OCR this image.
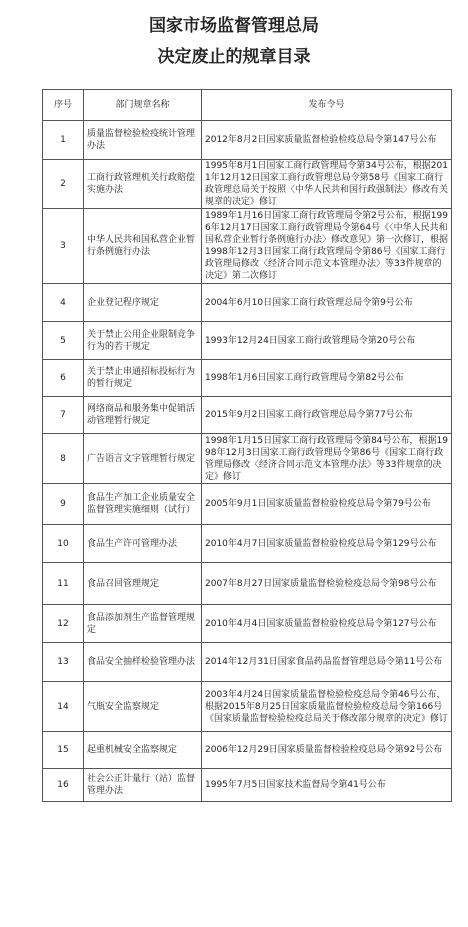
国家市场监督管理总局
决定废止的规章目录
序号	部门规章名称	发布令号
1	质量监督检验检疫统计管理办法	2012年8月2日国家质量监督检验检疫总局令第147号公布
2	工商行政管理机关行政赔偿实施办法	1995年8月1日国家工商行政管理局令第34号公布，根据2011年12月12日国家工商行政管理总局令第58号《国家工商行政管理总局关于按照〈中华人民共和国行政强制法〉修改有关规章的决定》修订
3	中华人民共和国私营企业暂行条例施行办法	1989年1月16日国家工商行政管理局令第2号公布，根据1996年12月17日国家工商行政管理局令第64号《〈中华人民共和国私营企业暂行条例施行办法〉修改意见》第一次修订，根据1998年12月3日国家工商行政管理局令第86号《国家工商行政管理局修改〈经济合同示范文本管理办法〉等33件规章的决定》第二次修订
4	企业登记程序规定	2004年6月10日国家工商行政管理总局令第9号公布
5	关于禁止公用企业限制竞争行为的若干规定	1993年12月24日国家工商行政管理局令第20号公布
6	关于禁止串通招标投标行为的暂行规定	1998年1月6日国家工商行政管理局令第82号公布
7	网络商品和服务集中促销活动管理暂行规定	2015年9月2日国家工商行政管理总局令第77号公布
8	广告语言文字管理暂行规定	1998年1月15日国家工商行政管理局令第84号公布，根据1998年12月3日国家工商行政管理局令第86号《国家工商行政管理局修改〈经济合同示范文本管理办法〉等33件规章的决定》修订
9	食品生产加工企业质量安全监督管理实施细则（试行）	2005年9月1日国家质量监督检验检疫总局令第79号公布
10	食品生产许可管理办法	2010年4月7日国家质量监督检验检疫总局令第129号公布
11	食品召回管理规定	2007年8月27日国家质量监督检验检疫总局令第98号公布
12	食品添加剂生产监督管理规定	2010年4月4日国家质量监督检验检疫总局令第127号公布
13	食品安全抽样检验管理办法	2014年12月31日国家食品药品监督管理总局令第11号公布
14	气瓶安全监察规定	2003年4月24日国家质量监督检验检疫总局令第46号公布，根据2015年8月25日国家质量监督检验检疫总局令第166号《国家质量监督检验检疫总局关于修改部分规章的决定》修订
15	起重机械安全监察规定	2006年12月29日国家质量监督检验检疫总局令第92号公布
16	社会公正计量行（站）监督管理办法	1995年7月5日国家技术监督局令第41号公布
